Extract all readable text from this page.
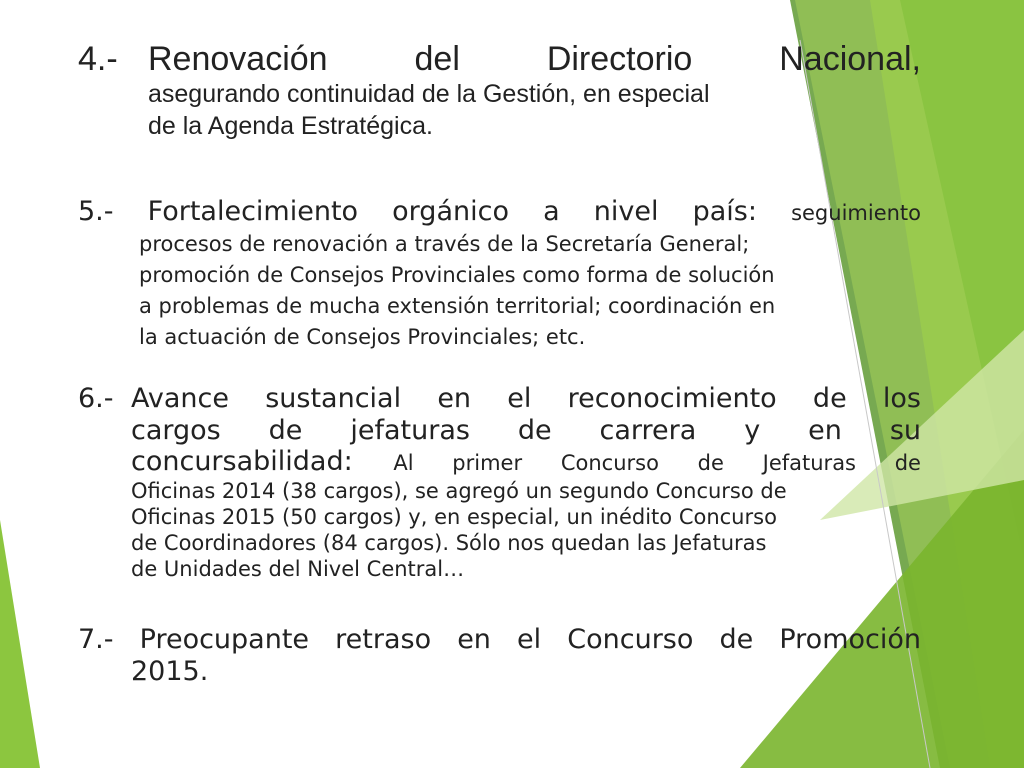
4.- Renovación del Directorio Nacional,
asegurando continuidad de la Gestión, en especial
de la Agenda Estratégica.
5.- Fortalecimiento orgánico a nivel país: seguimiento
procesos de renovación a través de la Secretaría General;
promoción de Consejos Provinciales como forma de solución
a problemas de mucha extensión territorial; coordinación en
la actuación de Consejos Provinciales; etc.
6.- Avance sustancial en el reconocimiento de los
cargos de jefaturas de carrera y en su
concursabilidad: Al primer Concurso de Jefaturas de
Oficinas 2014 (38 cargos), se agregó un segundo Concurso de
Oficinas 2015 (50 cargos) y, en especial, un inédito Concurso
de Coordinadores (84 cargos). Sólo nos quedan las Jefaturas
de Unidades del Nivel Central…
7.- Preocupante retraso en el Concurso de Promoción
2015.
